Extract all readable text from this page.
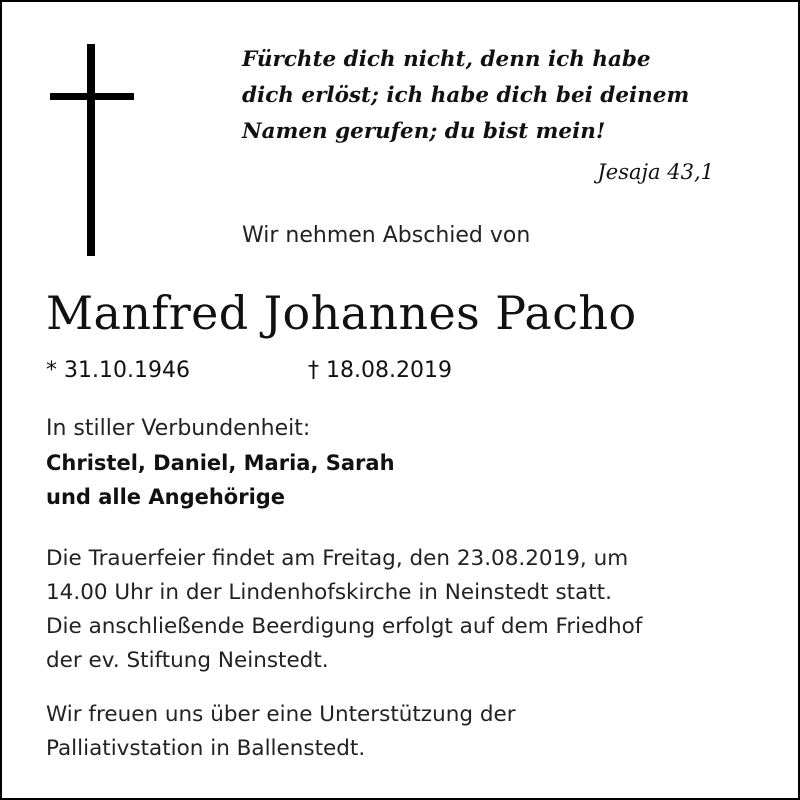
Fürchte dich nicht, denn ich habe
dich erlöst; ich habe dich bei deinem
Namen gerufen; du bist mein!
Jesaja 43,1
Wir nehmen Abschied von
Manfred Johannes Pacho
* 31.10.1946	† 18.08.2019
In stiller Verbundenheit:
Christel, Daniel, Maria, Sarah
und alle Angehörige
Die Trauerfeier findet am Freitag, den 23.08.2019, um
14.00 Uhr in der Lindenhofskirche in Neinstedt statt.
Die anschließende Beerdigung erfolgt auf dem Friedhof
der ev. Stiftung Neinstedt.
Wir freuen uns über eine Unterstützung der
Palliativstation in Ballenstedt.
